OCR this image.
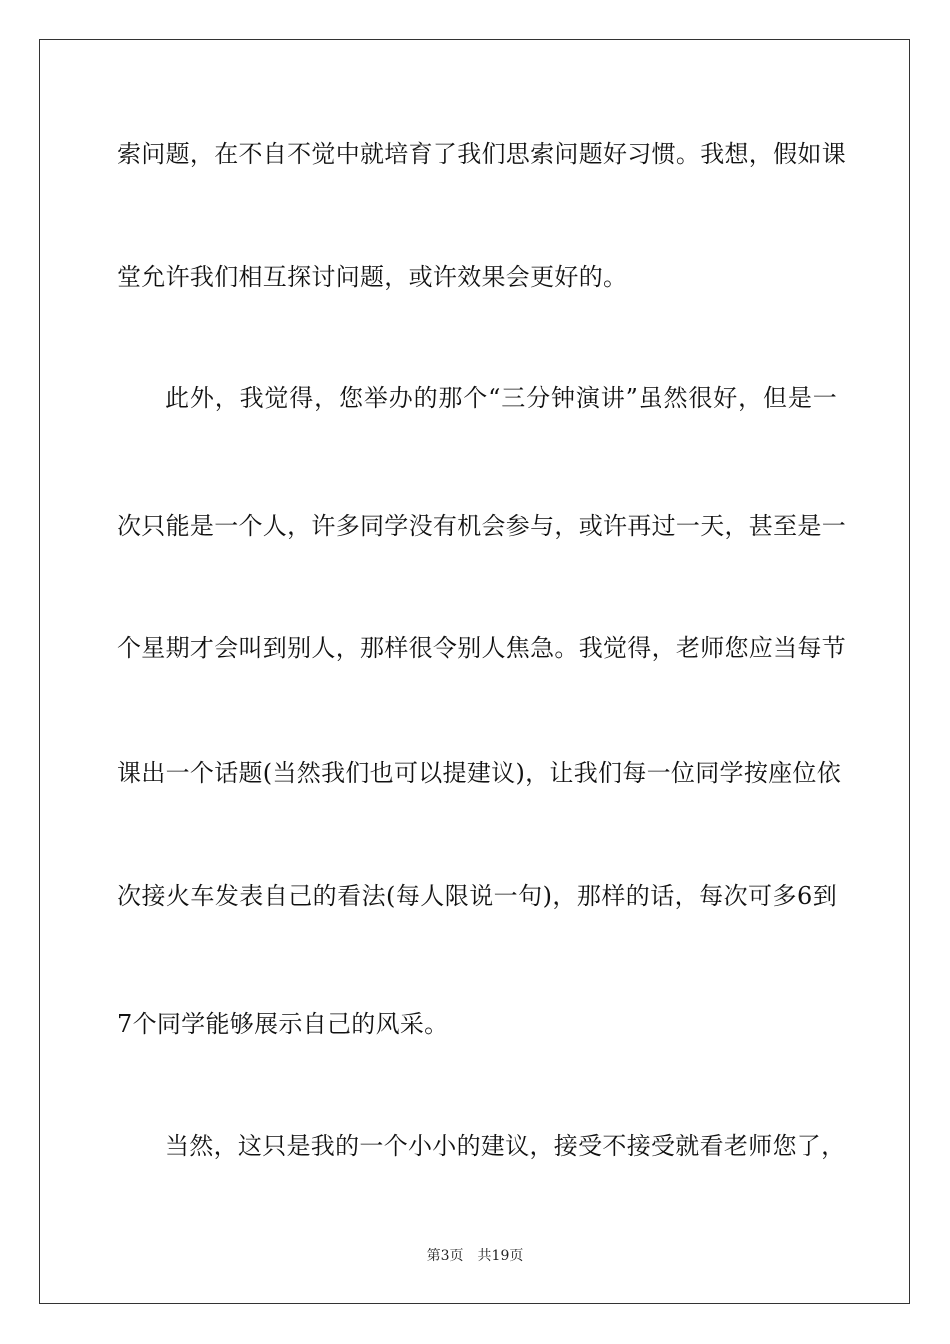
索问题，在不自不觉中就培育了我们思索问题好习惯。我想，假如课
堂允许我们相互探讨问题，或许效果会更好的。
此外，我觉得，您举办的那个“三分钟演讲”虽然很好，但是一
次只能是一个人，许多同学没有机会参与，或许再过一天，甚至是一
个星期才会叫到别人，那样很令别人焦急。我觉得，老师您应当每节
课出一个话题(当然我们也可以提建议)，让我们每一位同学按座位依
次接火车发表自己的看法(每人限说一句)，那样的话，每次可多6到
7个同学能够展示自己的风采。
当然，这只是我的一个小小的建议，接受不接受就看老师您了，
第3页 共19页
